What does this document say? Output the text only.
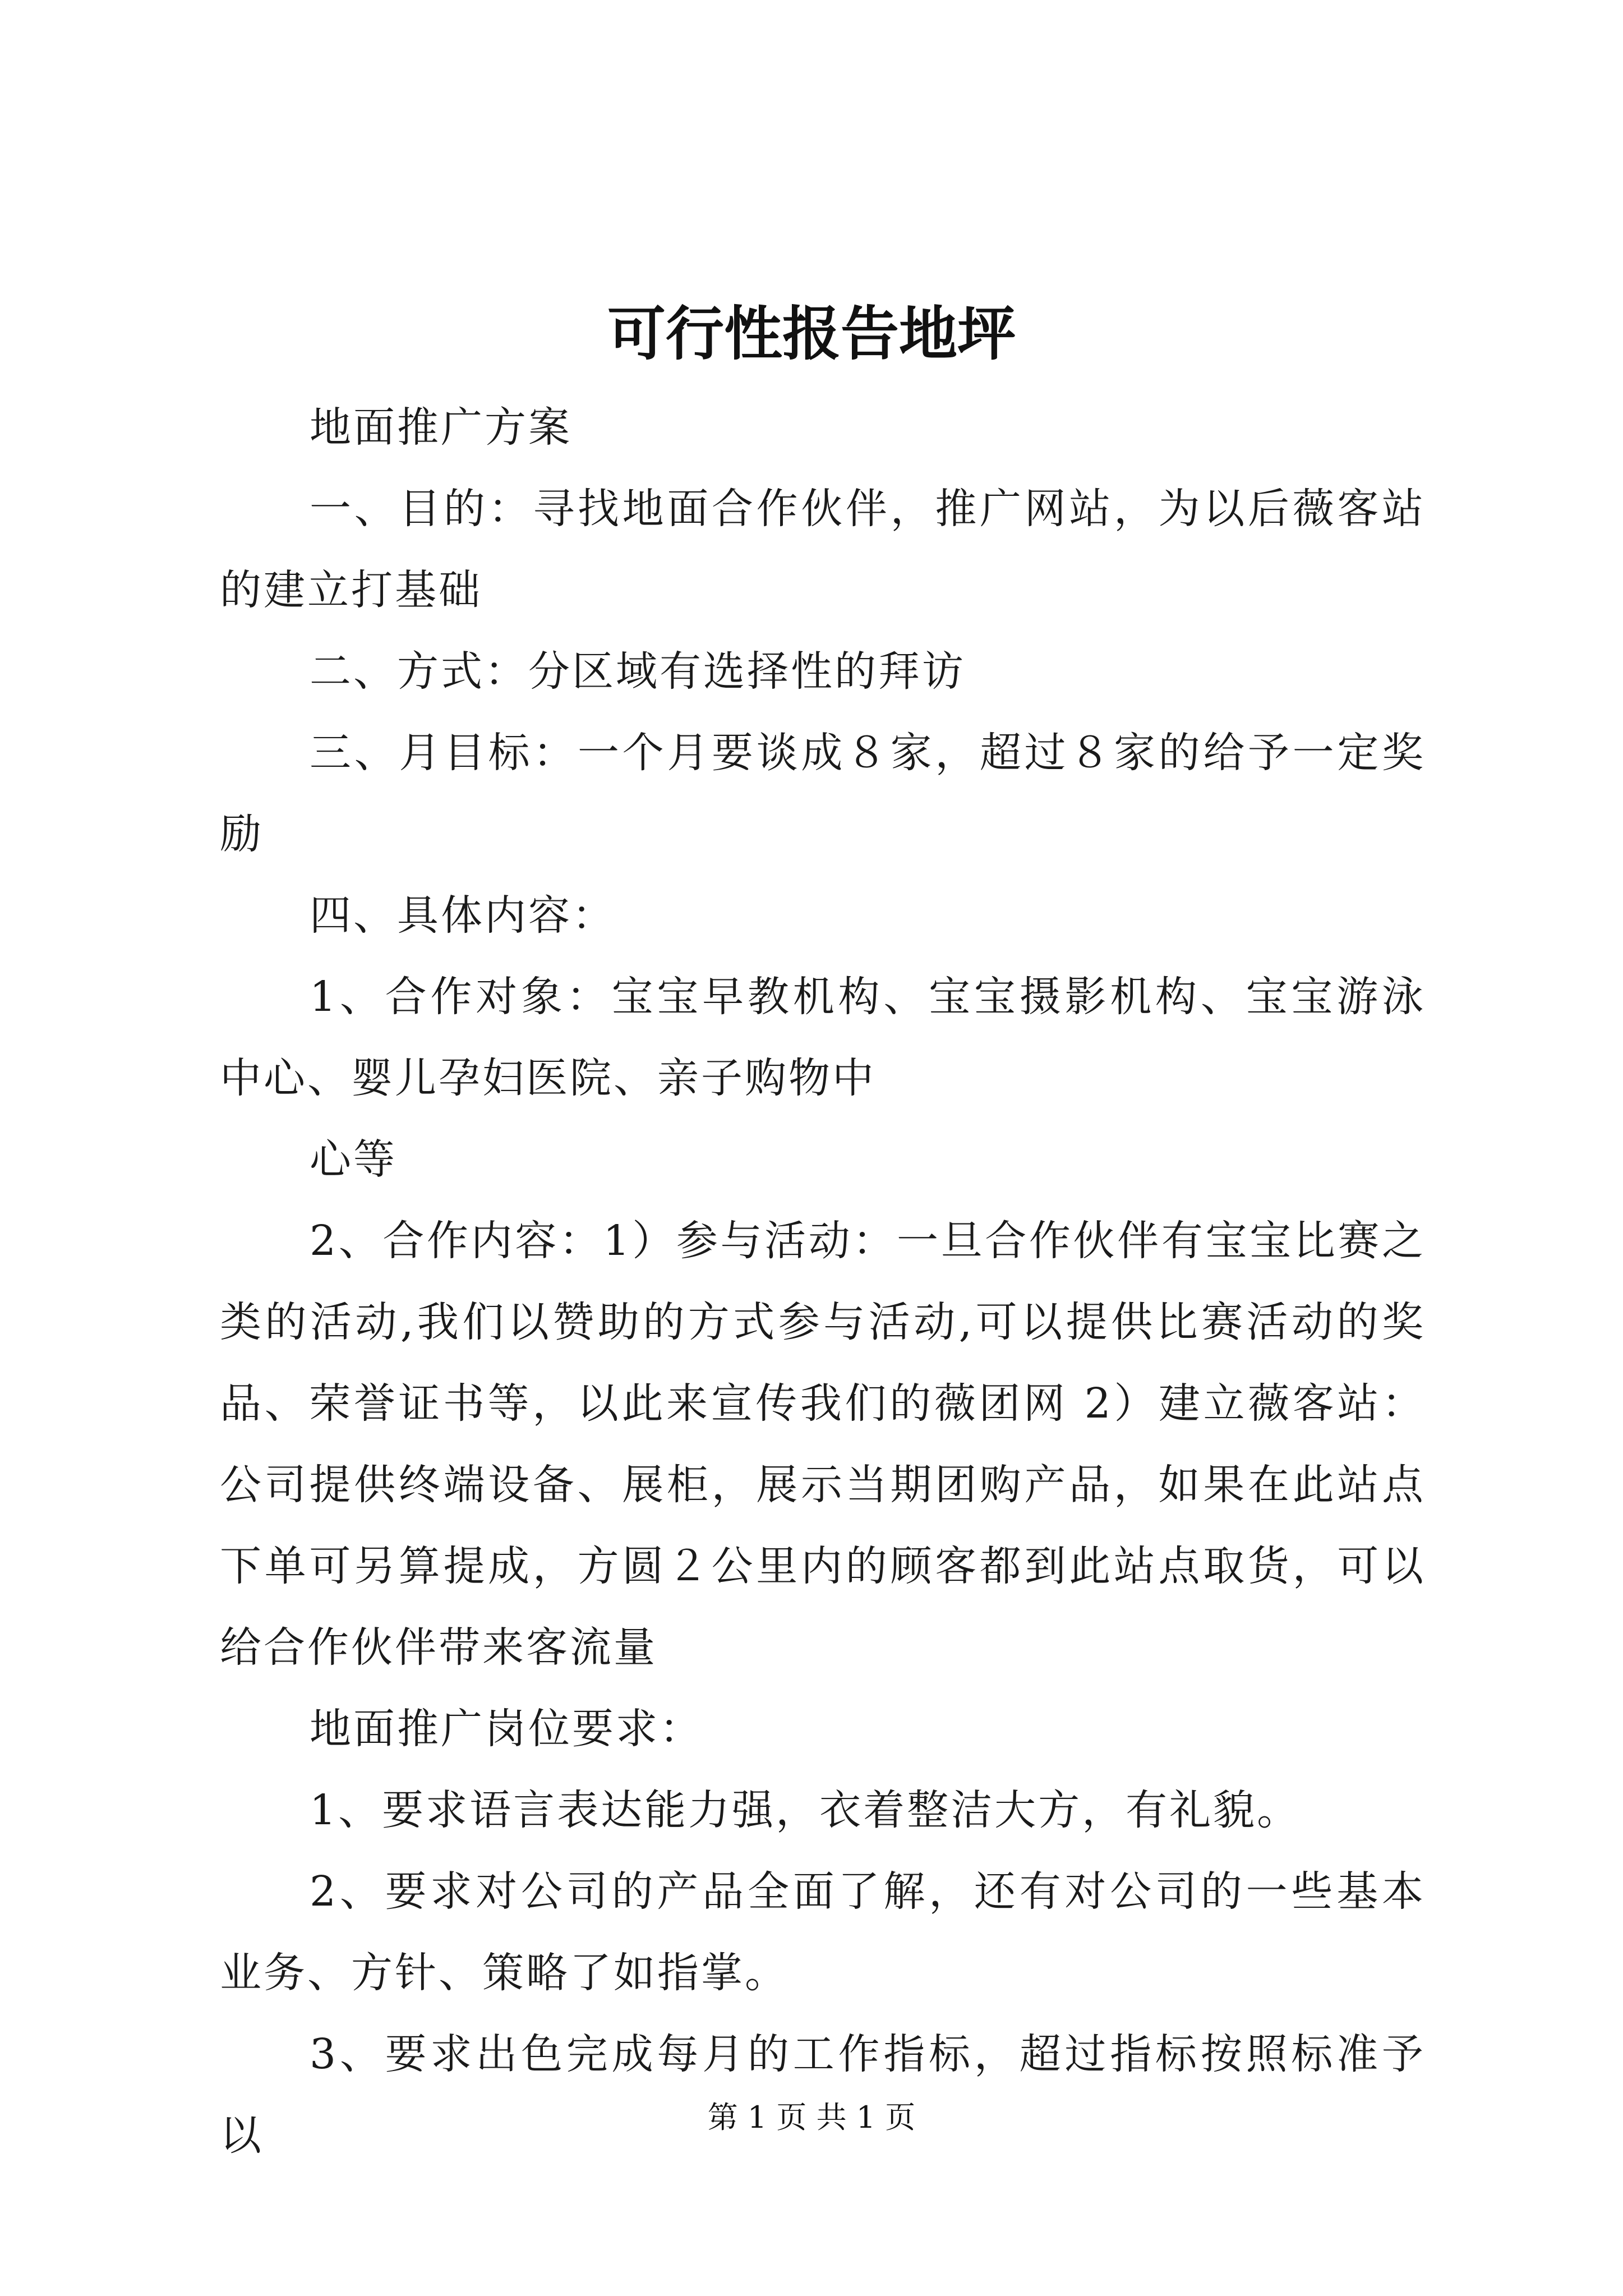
可行性报告地坪

地面推广方案

一、目的：寻找地面合作伙伴，推广网站，为以后薇客站的建立打基础

二、方式：分区域有选择性的拜访

三、月目标：一个月要谈成８家，超过８家的给予一定奖励

四、具体内容：

1、合作对象：宝宝早教机构、宝宝摄影机构、宝宝游泳中心、婴儿孕妇医院、亲子购物中

心等

2、合作内容：1）参与活动：一旦合作伙伴有宝宝比赛之类的活动,我们以赞助的方式参与活动,可以提供比赛活动的奖品、荣誉证书等，以此来宣传我们的薇团网 2）建立薇客站：公司提供终端设备、展柜，展示当期团购产品，如果在此站点下单可另算提成，方圆２公里内的顾客都到此站点取货，可以给合作伙伴带来客流量

地面推广岗位要求：

1、要求语言表达能力强，衣着整洁大方，有礼貌。

2、要求对公司的产品全面了解，还有对公司的一些基本业务、方针、策略了如指掌。

3、要求出色完成每月的工作指标，超过指标按照标准予以	第 1 页 共 1 页
